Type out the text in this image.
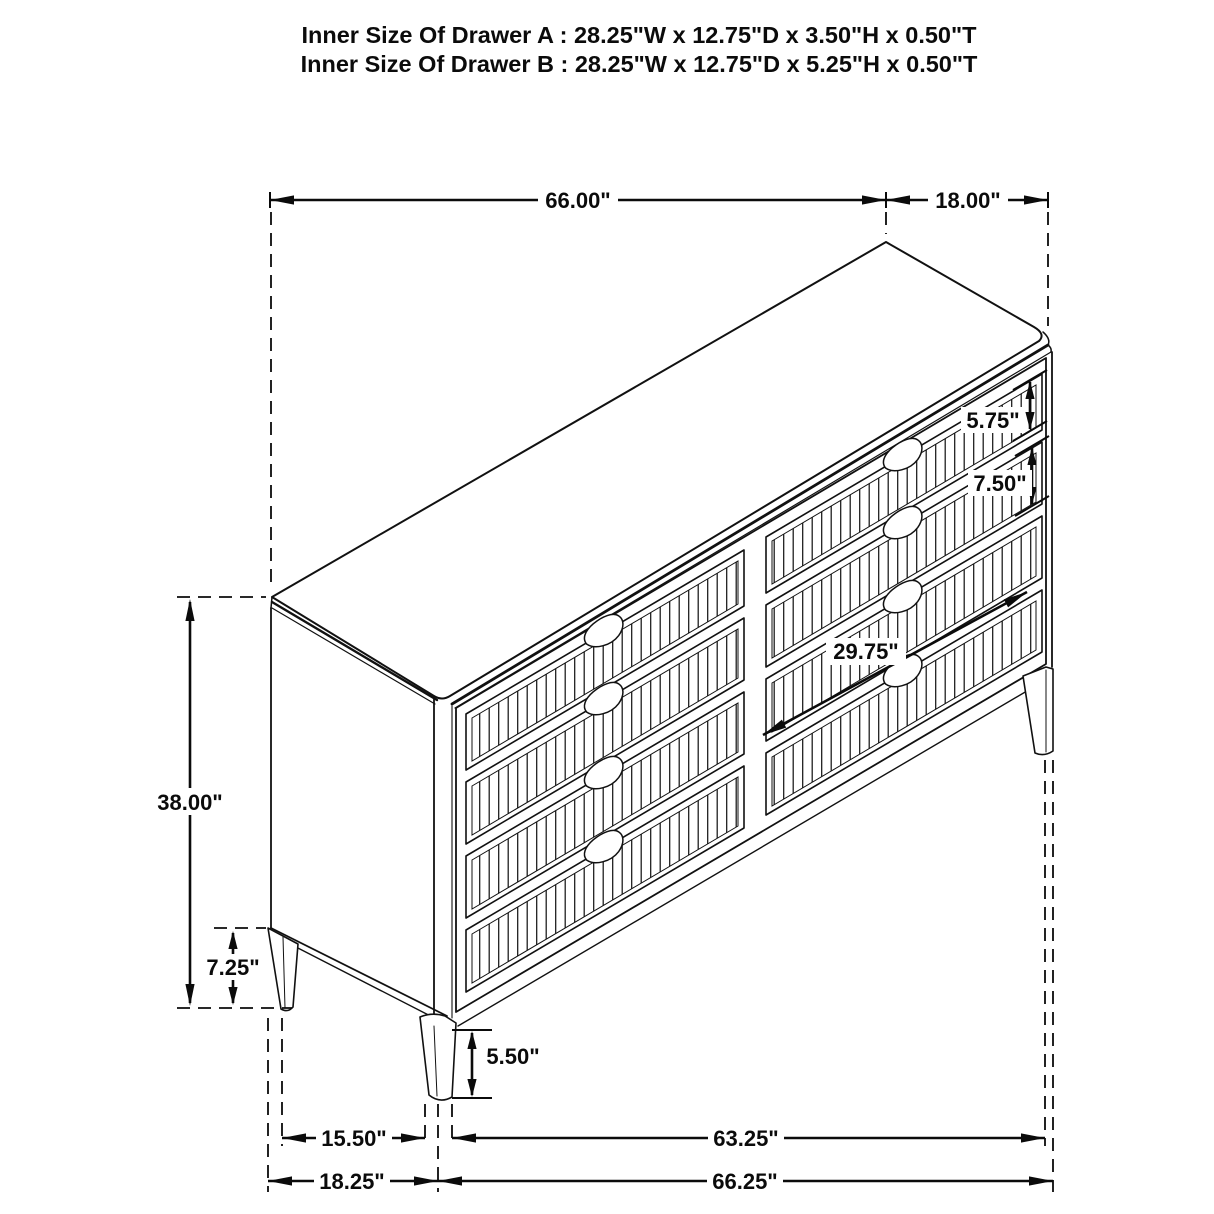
Inner Size Of Drawer A : 28.25"W x 12.75"D x 3.50"H x 0.50"T
Inner Size Of Drawer B : 28.25"W x 12.75"D x 5.25"H x 0.50"T
66.00"	18.00"
5.75"
7.50"
29.75"
38.00"
7.25"
5.50"
15.50"
18.25"
63.25"
66.25"
